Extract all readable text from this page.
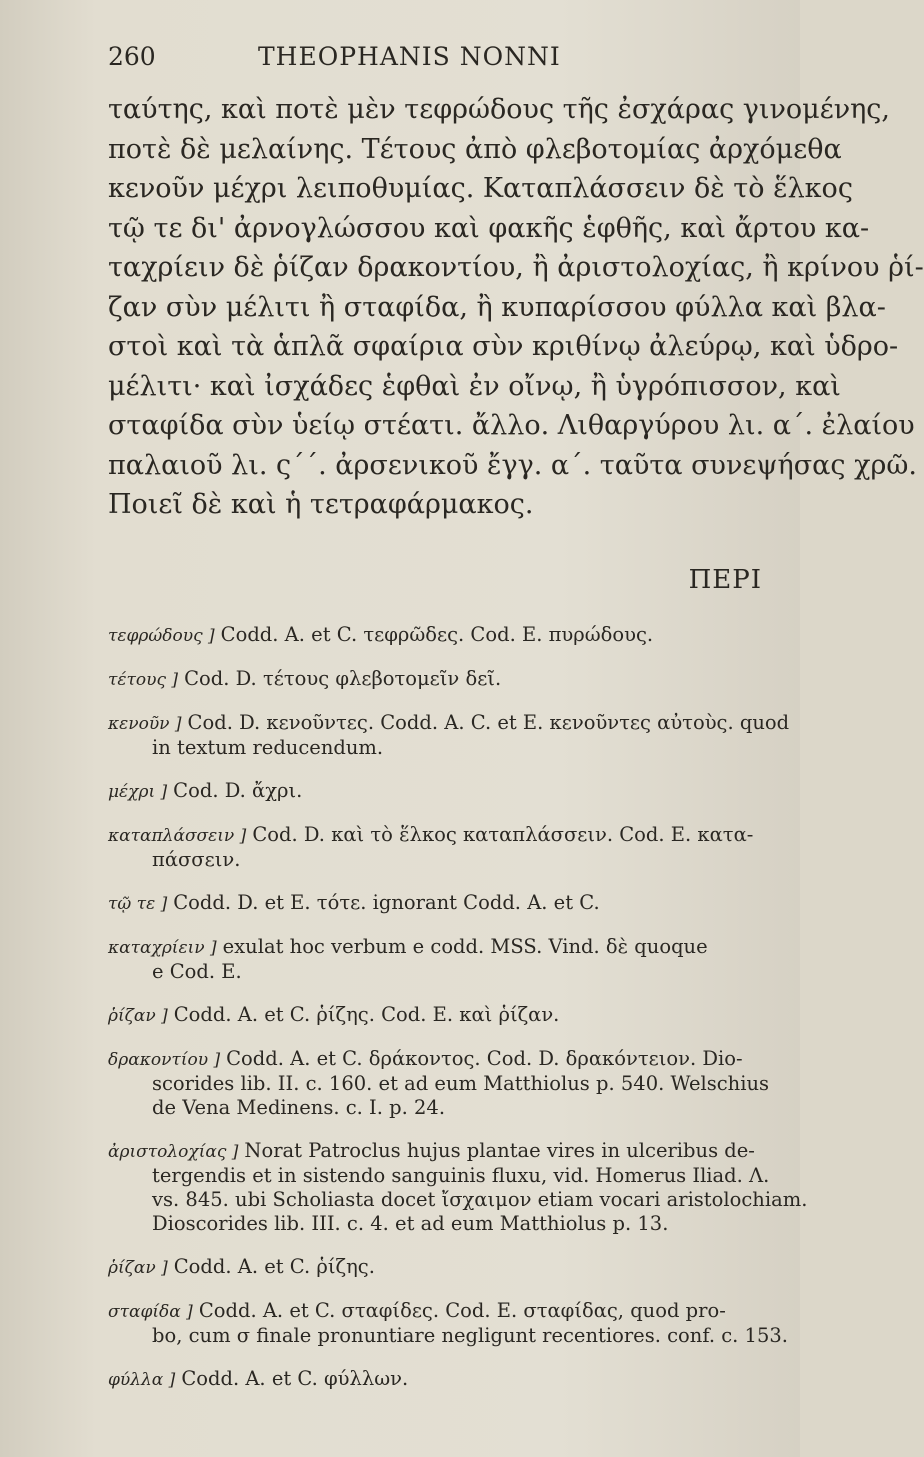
260	THEOPHANIS NONNI
ταύτης, καὶ ποτὲ μὲν τεφρώδους τῆς ἐσχάρας γινομένης,
ποτὲ δὲ μελαίνης. Τέτους ἀπὸ φλεβοτομίας ἀρχόμεθα
κενοῦν μέχρι λειποθυμίας. Καταπλάσσειν δὲ τὸ ἕλκος
τῷ τε δι' ἀρνογλώσσου καὶ φακῆς ἑφθῆς, καὶ ἄρτου κα-
ταχρίειν δὲ ῥίζαν δρακοντίου, ἢ ἀριστολοχίας, ἢ κρίνου ῥί-
ζαν σὺν μέλιτι ἢ σταφίδα, ἢ κυπαρίσσου φύλλα καὶ βλα-
στοὶ καὶ τὰ ἁπλᾶ σφαίρια σὺν κριθίνῳ ἀλεύρῳ, καὶ ὑδρο-
μέλιτι· καὶ ἰσχάδες ἑφθαὶ ἐν οἴνῳ, ἢ ὑγρόπισσον, καὶ
σταφίδα σὺν ὑείῳ στέατι. ἄλλο. Λιθαργύρου λι. α΄. ἐλαίου
παλαιοῦ λι. ς΄΄. ἀρσενικοῦ ἔγγ. α΄. ταῦτα συνεψήσας χρῶ.
Ποιεῖ δὲ καὶ ἡ τετραφάρμακος.
ΠΕΡΙ
τεφρώδους ] Codd. A. et C. τεφρῶδες. Cod. E. πυρώδους.
τέτους ] Cod. D. τέτους φλεβοτομεῖν δεῖ.
κενοῦν ] Cod. D. κενοῦντες. Codd. A. C. et E. κενοῦντες αὐτοὺς. quod
in textum reducendum.
μέχρι ] Cod. D. ἄχρι.
καταπλάσσειν ] Cod. D. καὶ τὸ ἕλκος καταπλάσσειν. Cod. E. κατα-
πάσσειν.
τῷ τε ] Codd. D. et E. τότε. ignorant Codd. A. et C.
καταχρίειν ] exulat hoc verbum e codd. MSS. Vind. δὲ quoque
e Cod. E.
ῥίζαν ] Codd. A. et C. ῥίζης. Cod. E. καὶ ῥίζαν.
δρακοντίου ] Codd. A. et C. δράκοντος. Cod. D. δρακόντειον. Dio-
scorides lib. II. c. 160. et ad eum Matthiolus p. 540. Welschius
de Vena Medinens. c. I. p. 24.
ἀριστολοχίας ] Norat Patroclus hujus plantae vires in ulceribus de-
tergendis et in sistendo sanguinis fluxu, vid. Homerus Iliad. Λ.
vs. 845. ubi Scholiasta docet ἴσχαιμον etiam vocari aristolochiam.
Dioscorides lib. III. c. 4. et ad eum Matthiolus p. 13.
ῥίζαν ] Codd. A. et C. ῥίζης.
σταφίδα ] Codd. A. et C. σταφίδες. Cod. E. σταφίδας, quod pro-
bo, cum σ finale pronuntiare negligunt recentiores. conf. c. 153.
φύλλα ] Codd. A. et C. φύλλων.
